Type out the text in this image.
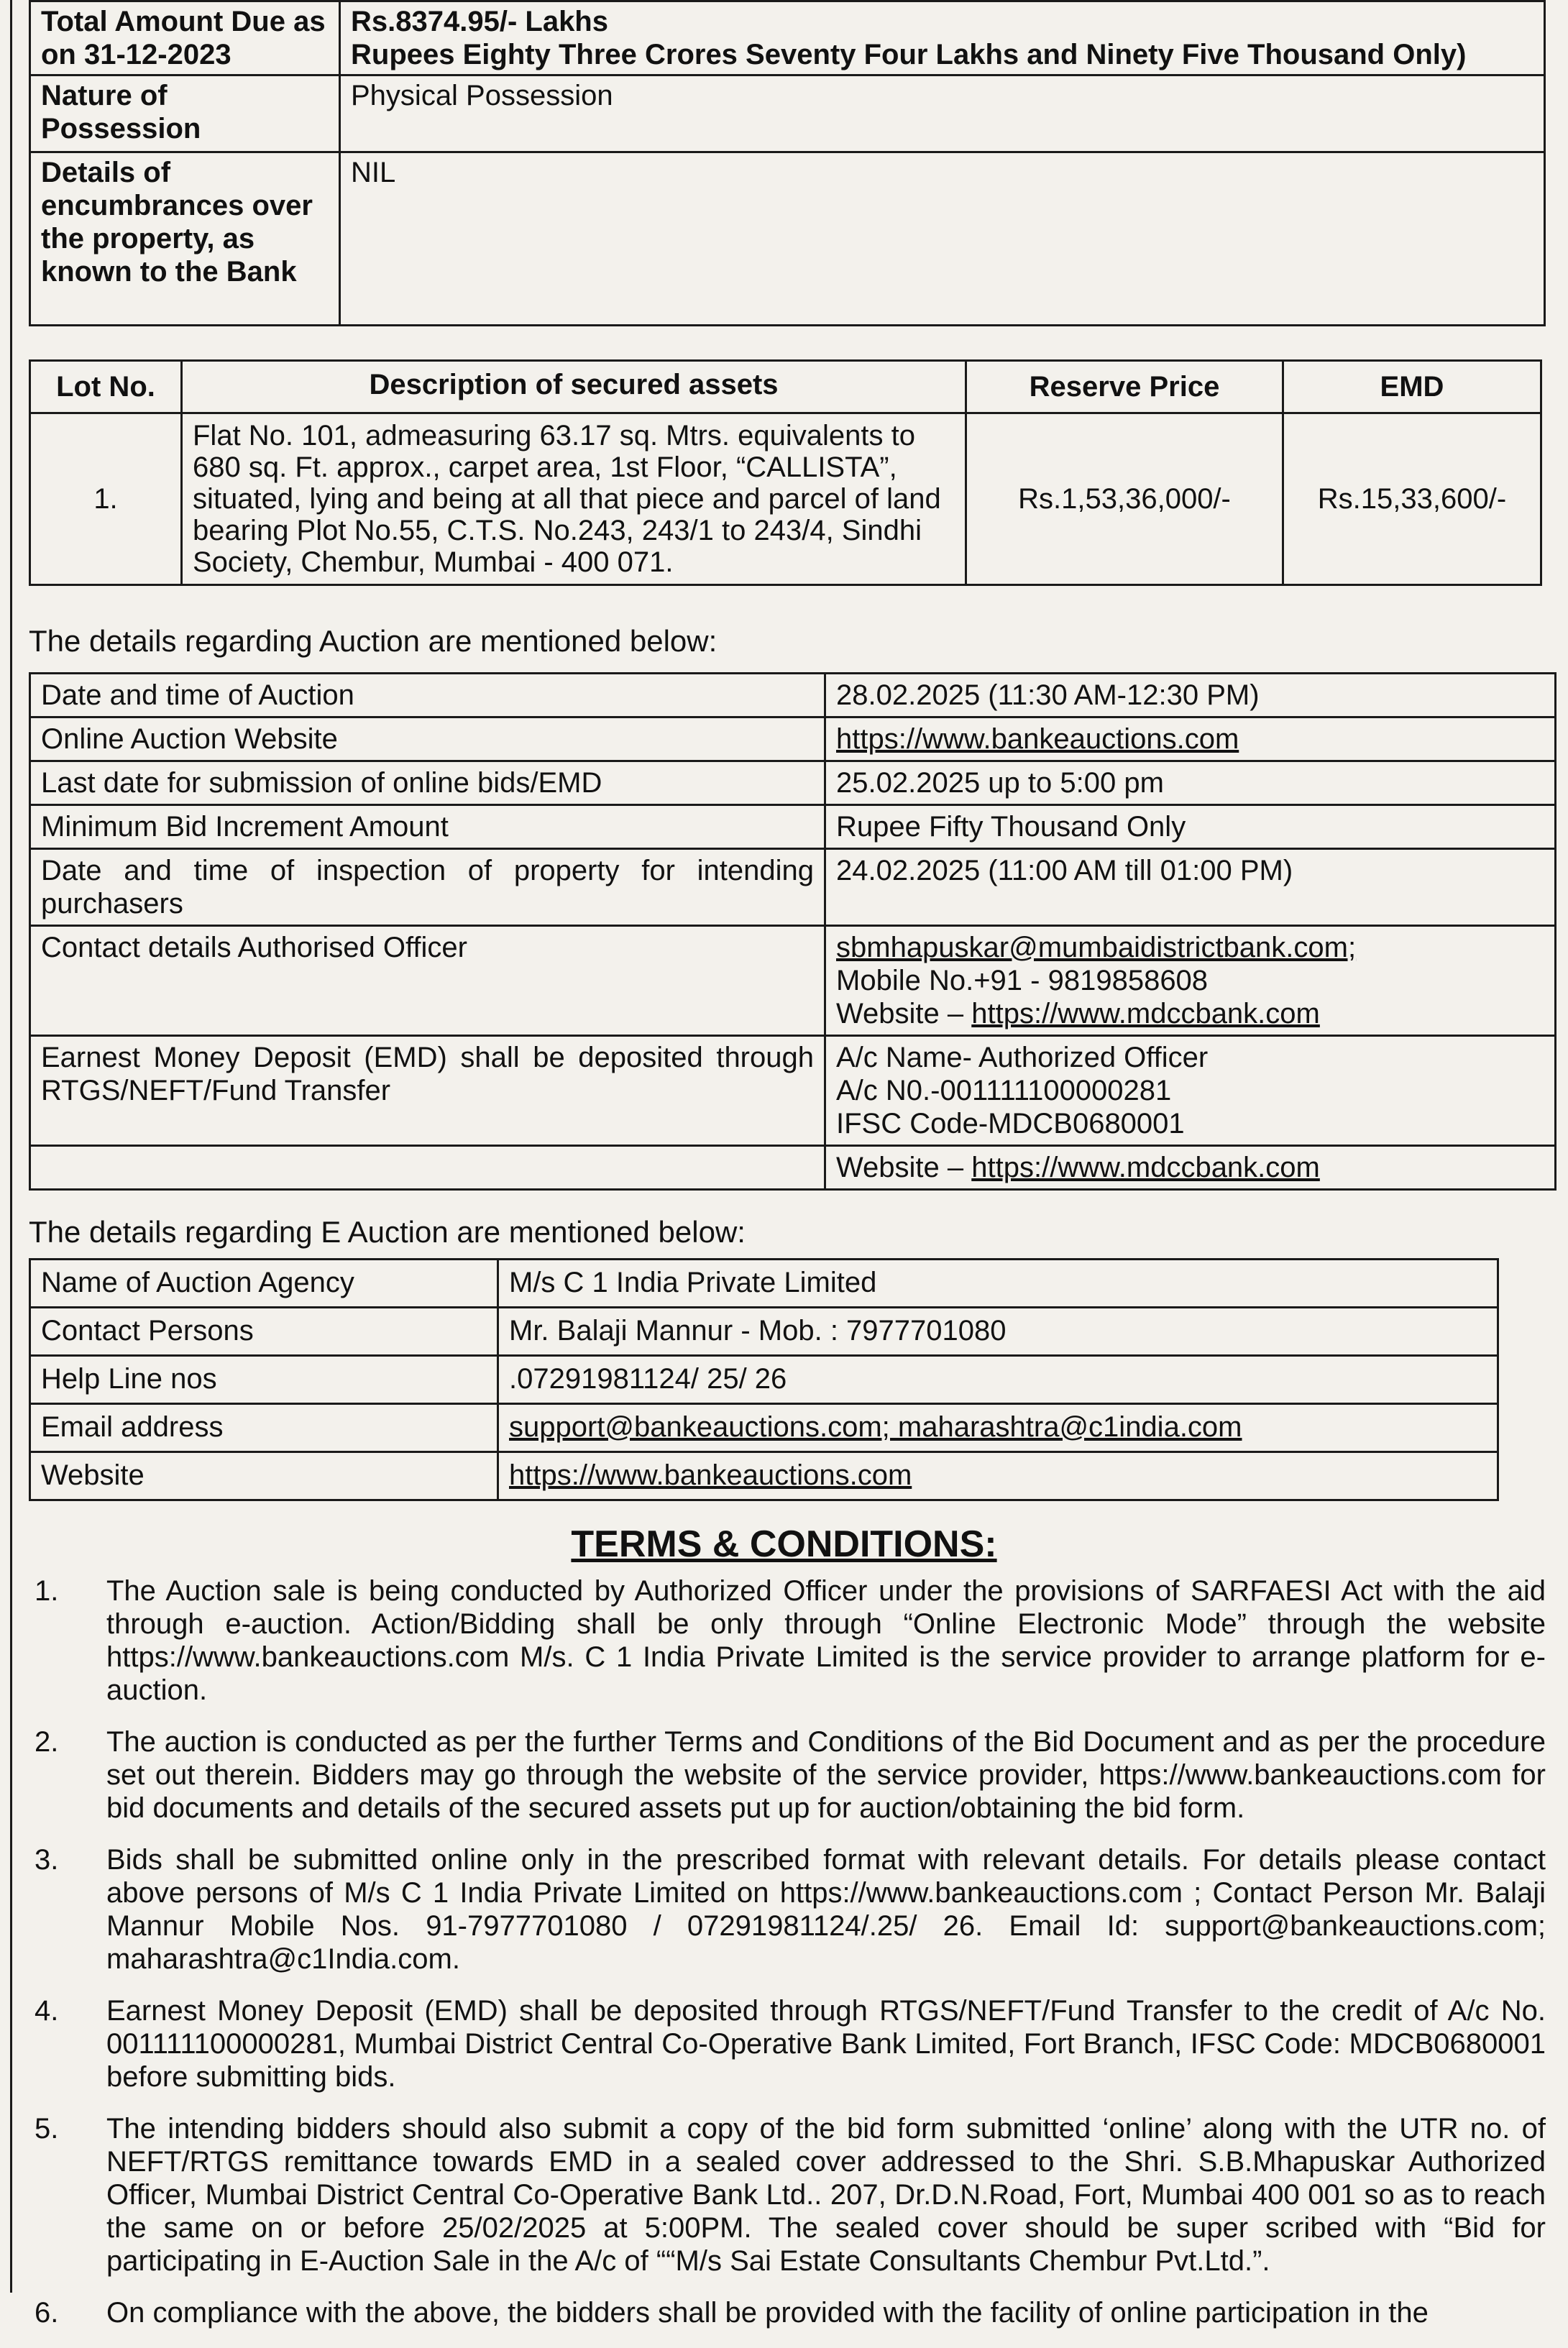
Total Amount Due as on 31-12-2023	Rs.8374.95/- Lakhs
Rupees Eighty Three Crores Seventy Four Lakhs and Ninety Five Thousand Only)

Nature of Possession	Physical Possession
Details of encumbrances over the property, as known to the Bank	NIL
Lot No.	Description of secured assets	Reserve Price	EMD
1.	Flat No. 101, admeasuring 63.17 sq. Mtrs. equivalents to 680 sq. Ft. approx., carpet area, 1st Floor, “CALLISTA”, situated, lying and being at all that piece and parcel of land bearing Plot No.55, C.T.S. No.243, 243/1 to 243/4, Sindhi Society, Chembur, Mumbai - 400 071.	Rs.1,53,36,000/-	Rs.15,33,600/-
The details regarding Auction are mentioned below:
Date and time of Auction	28.02.2025 (11:30 AM-12:30 PM)
Online Auction Website	https://www.bankeauctions.com
Last date for submission of online bids/EMD	25.02.2025 up to 5:00 pm
Minimum Bid Increment Amount	Rupee Fifty Thousand Only
Date and time of inspection of property for intending purchasers	24.02.2025 (11:00 AM till 01:00 PM)
Contact details Authorised Officer	sbmhapuskar@mumbaidistrictbank.com;
Mobile No.+91 - 9819858608
Website – https://www.mdccbank.com

Earnest Money Deposit (EMD) shall be deposited through RTGS/NEFT/Fund Transfer	A/c Name- Authorized Officer
A/c N0.-001111100000281
IFSC Code-MDCB0680001

	Website – https://www.mdccbank.com
The details regarding E Auction are mentioned below:
Name of Auction Agency	M/s C 1 India Private Limited
Contact Persons	Mr. Balaji Mannur - Mob. : 7977701080
Help Line nos	.07291981124/ 25/ 26
Email address	support@bankeauctions.com; maharashtra@c1india.com
Website	https://www.bankeauctions.com
TERMS & CONDITIONS:
1. The Auction sale is being conducted by Authorized Officer under the provisions of SARFAESI Act with the aid through e-auction. Action/Bidding shall be only through “Online Electronic Mode” through the website https://www.bankeauctions.com M/s. C 1 India Private Limited is the service provider to arrange platform for e-auction.
2. The auction is conducted as per the further Terms and Conditions of the Bid Document and as per the procedure set out therein. Bidders may go through the website of the service provider, https://www.bankeauctions.com for bid documents and details of the secured assets put up for auction/obtaining the bid form.
3. Bids shall be submitted online only in the prescribed format with relevant details. For details please contact above persons of M/s C 1 India Private Limited on https://www.bankeauctions.com ; Contact Person Mr. Balaji Mannur Mobile Nos. 91-7977701080 / 07291981124/.25/ 26. Email Id: support@bankeauctions.com; maharashtra@c1India.com.
4. Earnest Money Deposit (EMD) shall be deposited through RTGS/NEFT/Fund Transfer to the credit of A/c No. 001111100000281, Mumbai District Central Co-Operative Bank Limited, Fort Branch, IFSC Code: MDCB0680001 before submitting bids.
5. The intending bidders should also submit a copy of the bid form submitted ‘online’ along with the UTR no. of NEFT/RTGS remittance towards EMD in a sealed cover addressed to the Shri. S.B.Mhapuskar Authorized Officer, Mumbai District Central Co-Operative Bank Ltd.. 207, Dr.D.N.Road, Fort, Mumbai 400 001 so as to reach the same on or before 25/02/2025 at 5:00PM. The sealed cover should be super scribed with “Bid for participating in E-Auction Sale in the A/c of ““M/s Sai Estate Consultants Chembur Pvt.Ltd.”.
6. On compliance with the above, the bidders shall be provided with the facility of online participation in the
